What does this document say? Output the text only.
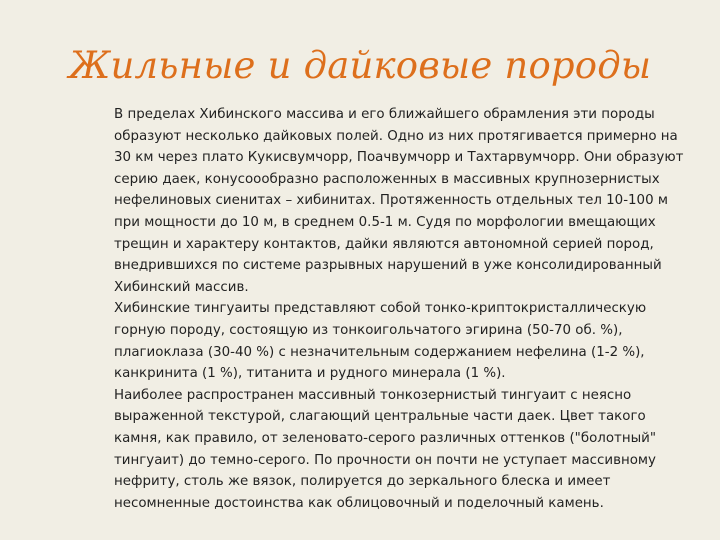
Жильные и дайковые породы

В пределах Хибинского массива и его ближайшего обрамления эти породы образуют несколько дайковых полей. Одно из них протягивается примерно на 30 км через плато Кукисвумчорр, Поачвумчорр и Тахтарвумчорр. Они образуют серию даек, конусоообразно расположенных в массивных крупнозернистых нефелиновых сиенитах – хибинитах. Протяженность отдельных тел 10-100 м при мощности до 10 м, в среднем 0.5-1 м. Судя по морфологии вмещающих трещин и характеру контактов, дайки являются автономной серией пород, внедрившихся по системе разрывных нарушений в уже консолидированный Хибинский массив.

Хибинские тингуаиты представляют собой тонко-криптокристаллическую горную породу, состоящую из тонкоигольчатого эгирина (50-70 об. %), плагиоклаза (30-40 %) с незначительным содержанием нефелина (1-2 %), канкринита (1 %), титанита и рудного минерала (1 %).

Наиболее распространен массивный тонкозернистый тингуаит с неясно выраженной текстурой, слагающий центральные части даек. Цвет такого камня, как правило, от зеленовато-серого различных оттенков ("болотный" тингуаит) до темно-серого. По прочности он почти не уступает массивному нефриту, столь же вязок, полируется до зеркального блеска и имеет несомненные достоинства как облицовочный и поделочный камень.
